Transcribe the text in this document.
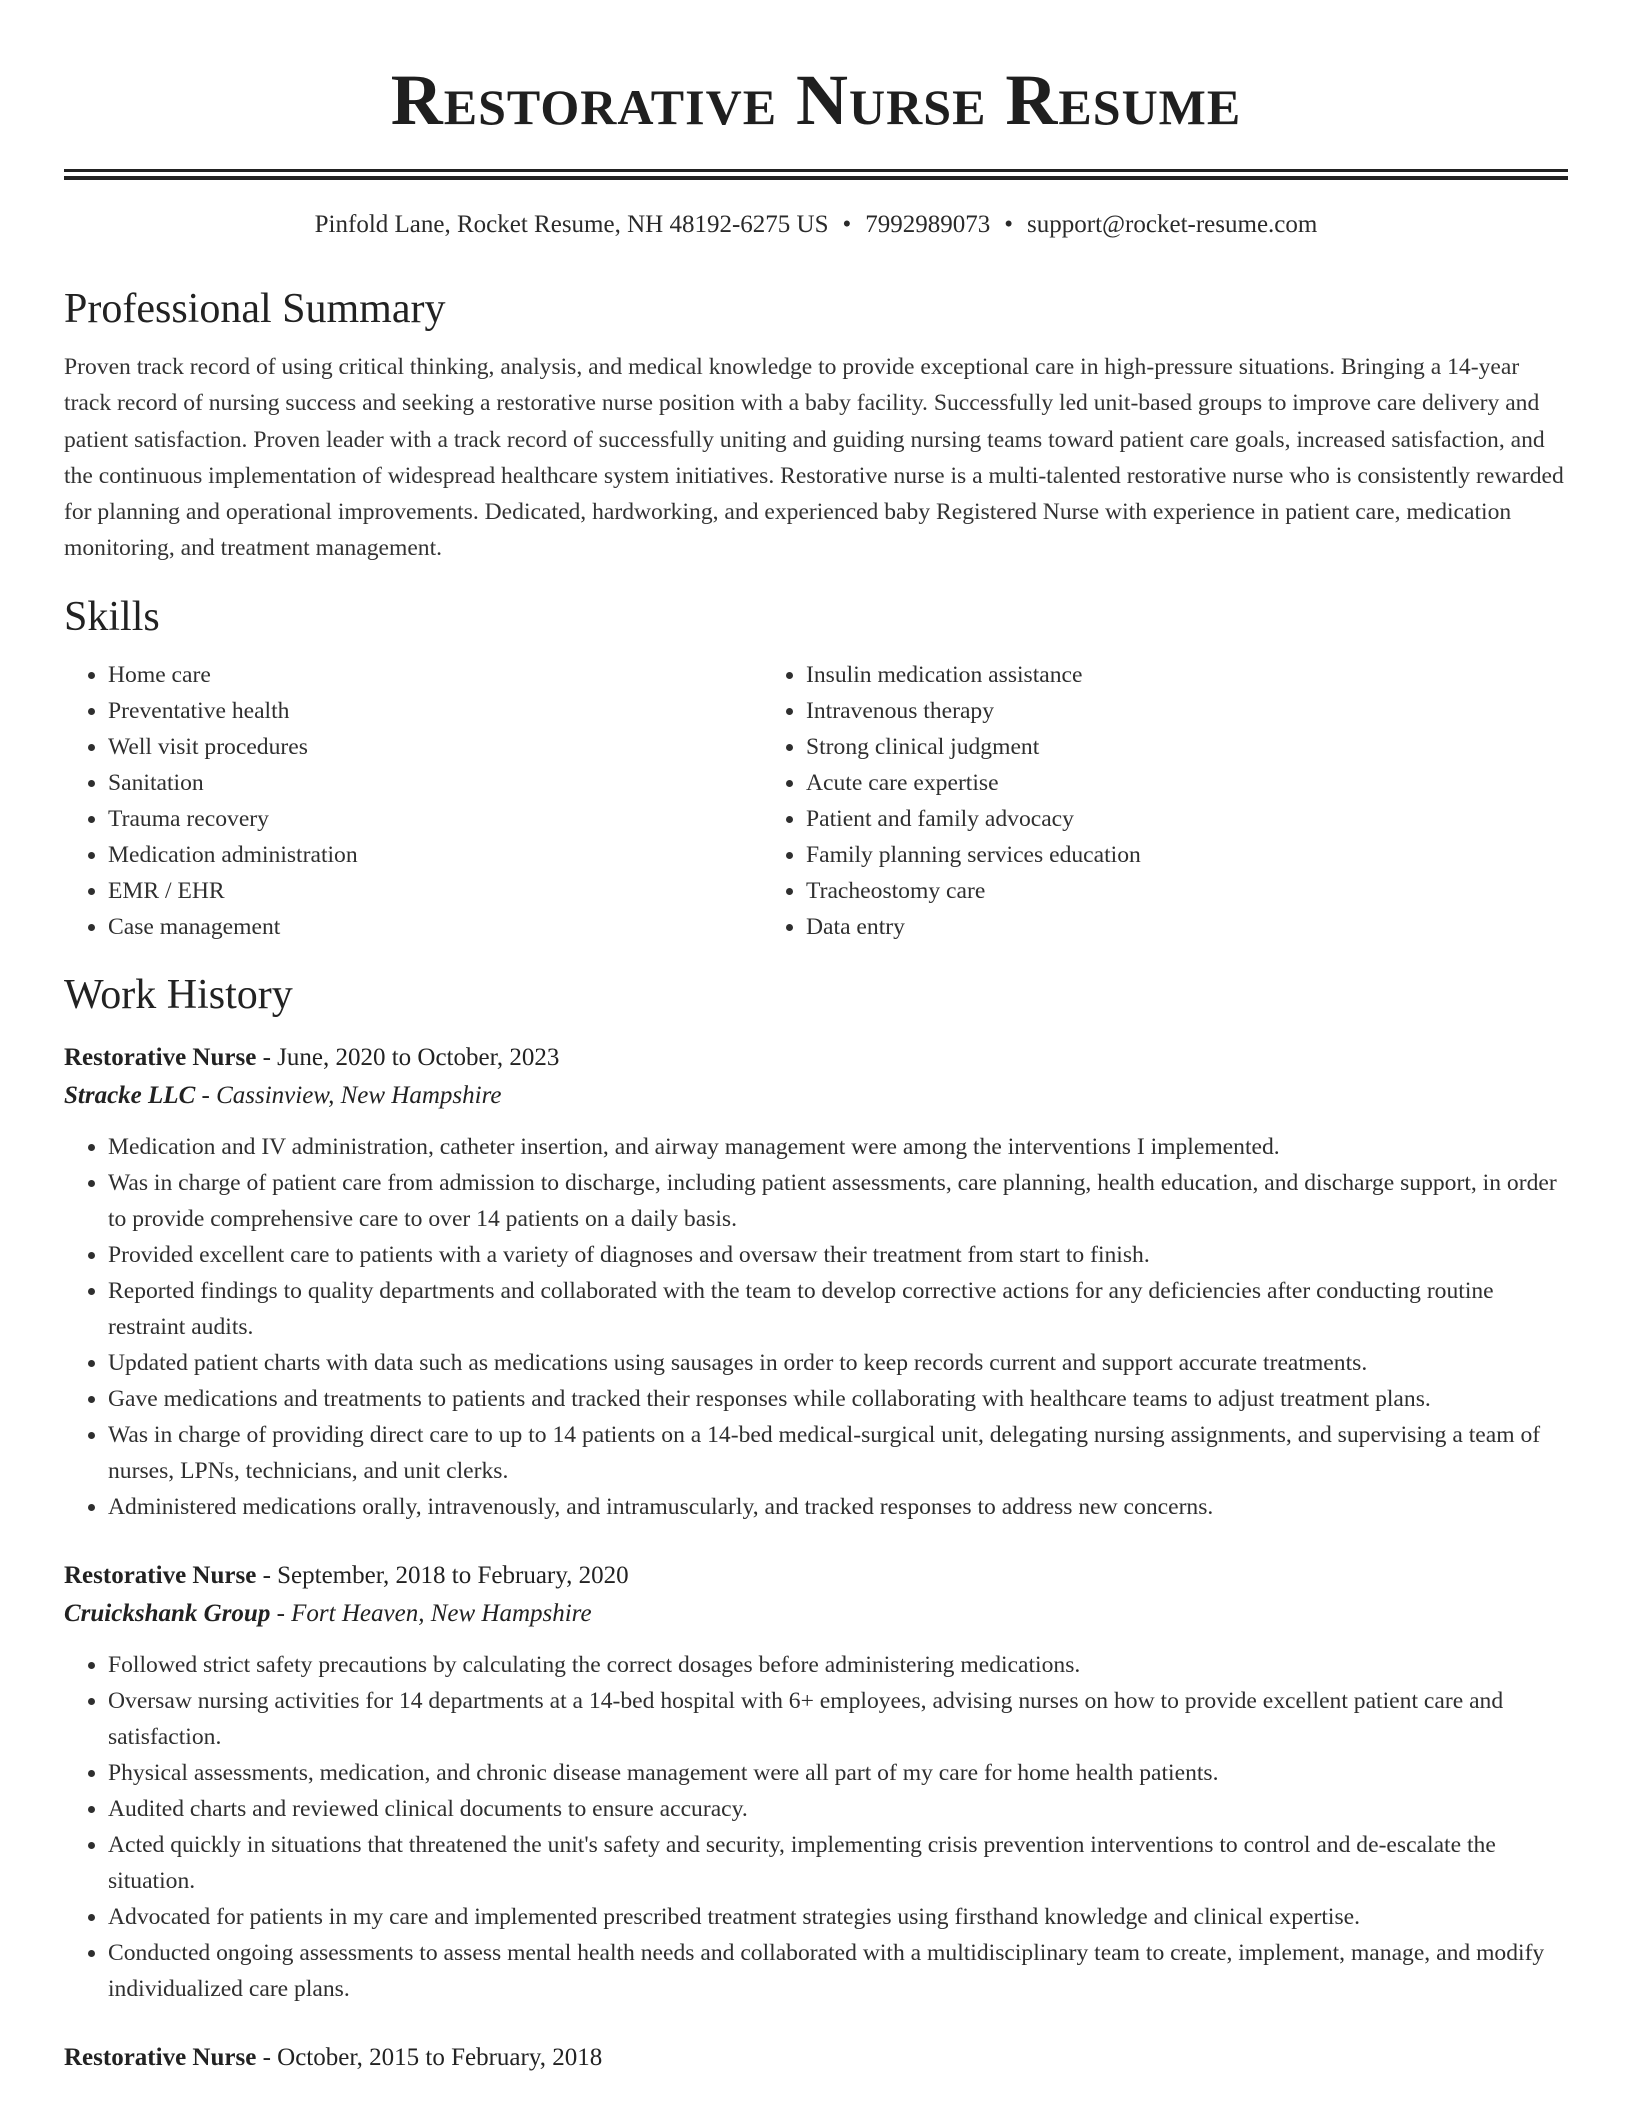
Restorative Nurse Resume
Pinfold Lane, Rocket Resume, NH 48192-6275 US • 7992989073 • support@rocket-resume.com
Professional Summary

Proven track record of using critical thinking, analysis, and medical knowledge to provide exceptional care in high-pressure situations. Bringing a 14-year track record of nursing success and seeking a restorative nurse position with a baby facility. Successfully led unit-based groups to improve care delivery and patient satisfaction. Proven leader with a track record of successfully uniting and guiding nursing teams toward patient care goals, increased satisfaction, and the continuous implementation of widespread healthcare system initiatives. Restorative nurse is a multi-talented restorative nurse who is consistently rewarded for planning and operational improvements. Dedicated, hardworking, and experienced baby Registered Nurse with experience in patient care, medication monitoring, and treatment management.

Skills
• Home care
• Preventative health
• Well visit procedures
• Sanitation
• Trauma recovery
• Medication administration
• EMR / EHR
• Case management
• Insulin medication assistance
• Intravenous therapy
• Strong clinical judgment
• Acute care expertise
• Patient and family advocacy
• Family planning services education
• Tracheostomy care
• Data entry
Work History
Restorative Nurse - June, 2020 to October, 2023
Stracke LLC - Cassinview, New Hampshire
• Medication and IV administration, catheter insertion, and airway management were among the interventions I implemented.
• Was in charge of patient care from admission to discharge, including patient assessments, care planning, health education, and discharge support, in order to provide comprehensive care to over 14 patients on a daily basis.
• Provided excellent care to patients with a variety of diagnoses and oversaw their treatment from start to finish.
• Reported findings to quality departments and collaborated with the team to develop corrective actions for any deficiencies after conducting routine restraint audits.
• Updated patient charts with data such as medications using sausages in order to keep records current and support accurate treatments.
• Gave medications and treatments to patients and tracked their responses while collaborating with healthcare teams to adjust treatment plans.
• Was in charge of providing direct care to up to 14 patients on a 14-bed medical-surgical unit, delegating nursing assignments, and supervising a team of nurses, LPNs, technicians, and unit clerks.
• Administered medications orally, intravenously, and intramuscularly, and tracked responses to address new concerns.
Restorative Nurse - September, 2018 to February, 2020
Cruickshank Group - Fort Heaven, New Hampshire
• Followed strict safety precautions by calculating the correct dosages before administering medications.
• Oversaw nursing activities for 14 departments at a 14-bed hospital with 6+ employees, advising nurses on how to provide excellent patient care and satisfaction.
• Physical assessments, medication, and chronic disease management were all part of my care for home health patients.
• Audited charts and reviewed clinical documents to ensure accuracy.
• Acted quickly in situations that threatened the unit's safety and security, implementing crisis prevention interventions to control and de-escalate the situation.
• Advocated for patients in my care and implemented prescribed treatment strategies using firsthand knowledge and clinical expertise.
• Conducted ongoing assessments to assess mental health needs and collaborated with a multidisciplinary team to create, implement, manage, and modify individualized care plans.
Restorative Nurse - October, 2015 to February, 2018
